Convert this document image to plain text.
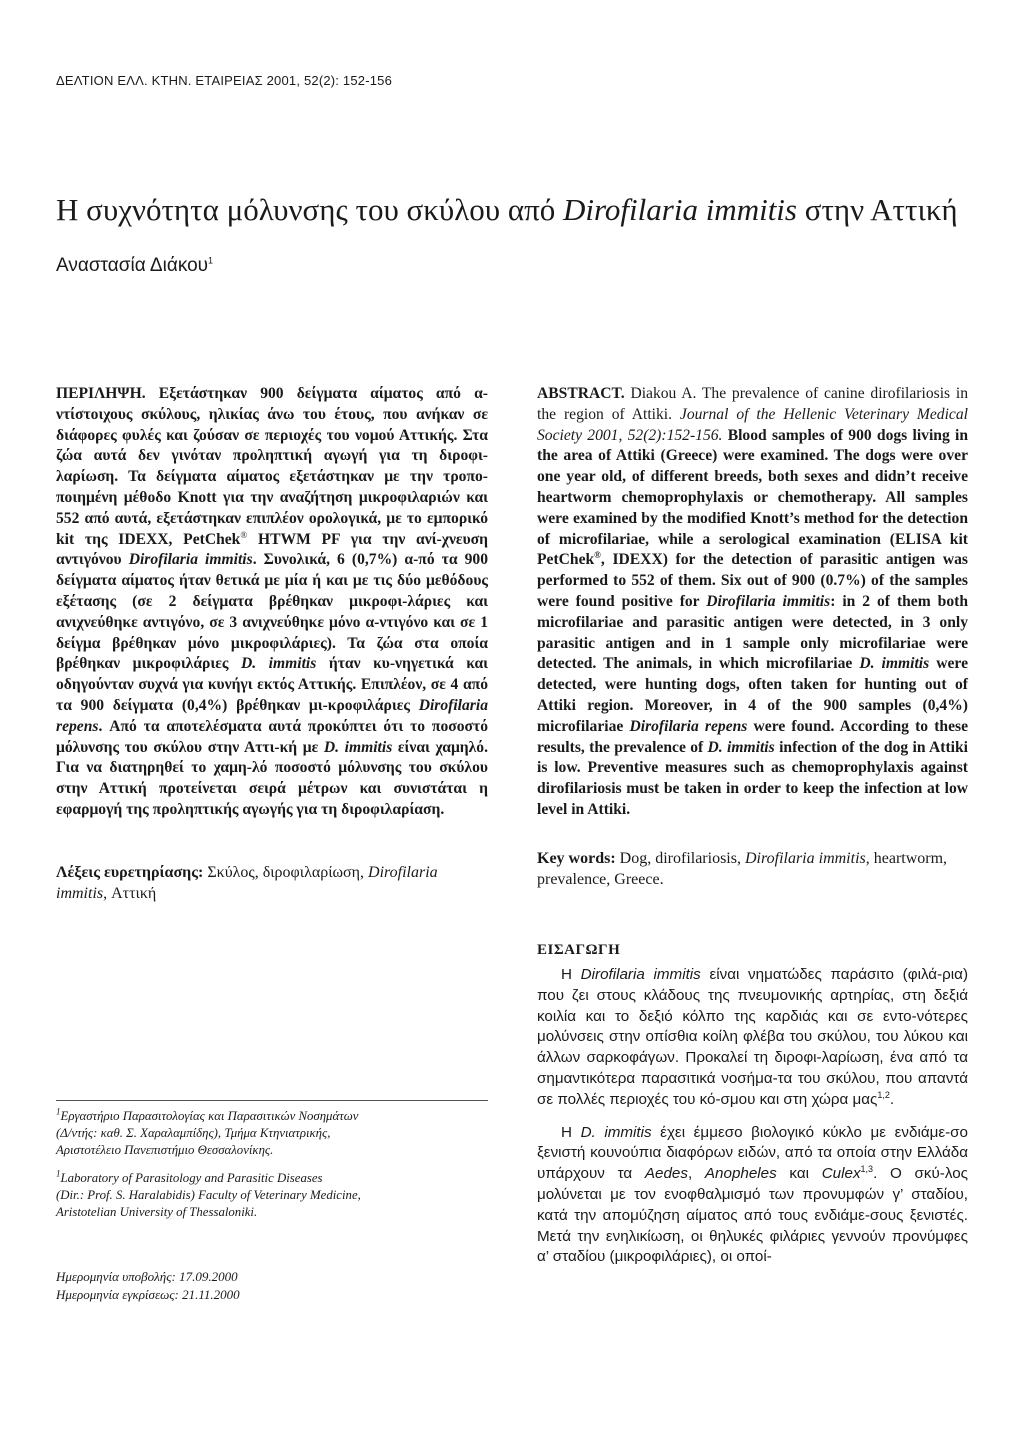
ΔΕΛΤΙΟΝ ΕΛΛ. ΚΤΗΝ. ΕΤΑΙΡΕΙΑΣ 2001, 52(2): 152-156
Η συχνότητα μόλυνσης του σκύλου από Dirofilaria immitis στην Αττική
Αναστασία Διάκου$^1$
ΠΕΡΙΛΗΨΗ. Εξετάστηκαν 900 δείγματα αίματος από α-ντίστοιχους σκύλους, ηλικίας άνω του έτους, που ανήκαν σε διάφορες φυλές και ζούσαν σε περιοχές του νομού Αττικής. Στα ζώα αυτά δεν γινόταν προληπτική αγωγή για τη διροφι-λαρίωση. Τα δείγματα αίματος εξετάστηκαν με την τροπο-ποιημένη μέθοδο Knott για την αναζήτηση μικροφιλαριών και 552 από αυτά, εξετάστηκαν επιπλέον ορολογικά, με το εμπορικό kit της IDEXX, PetChek® HTWM PF για την ανί-χνευση αντιγόνου Dirofilaria immitis. Συνολικά, 6 (0,7%) α-πό τα 900 δείγματα αίματος ήταν θετικά με μία ή και με τις δύο μεθόδους εξέτασης (σε 2 δείγματα βρέθηκαν μικροφι-λάριες και ανιχνεύθηκε αντιγόνο, σε 3 ανιχνεύθηκε μόνο α-ντιγόνο και σε 1 δείγμα βρέθηκαν μόνο μικροφιλάριες). Τα ζώα στα οποία βρέθηκαν μικροφιλάριες D. immitis ήταν κυ-νηγετικά και οδηγούνταν συχνά για κυνήγι εκτός Αττικής. Επιπλέον, σε 4 από τα 900 δείγματα (0,4%) βρέθηκαν μι-κροφιλάριες Dirofilaria repens. Από τα αποτελέσματα αυτά προκύπτει ότι το ποσοστό μόλυνσης του σκύλου στην Αττι-κή με D. immitis είναι χαμηλό. Για να διατηρηθεί το χαμη-λό ποσοστό μόλυνσης του σκύλου στην Αττική προτείνεται σειρά μέτρων και συνιστάται η εφαρμογή της προληπτικής αγωγής για τη διροφιλαρίαση.
ABSTRACT. Diakou A. The prevalence of canine dirofilariosis in the region of Attiki. Journal of the Hellenic Veterinary Medical Society 2001, 52(2):152-156. Blood samples of 900 dogs living in the area of Attiki (Greece) were examined. The dogs were over one year old, of different breeds, both sexes and didn’t receive heartworm chemoprophylaxis or chemotherapy. All samples were examined by the modified Knott’s method for the detection of microfilariae, while a serological examination (ELISA kit PetChek®, IDEXX) for the detection of parasitic antigen was performed to 552 of them. Six out of 900 (0.7%) of the samples were found positive for Dirofilaria immitis: in 2 of them both microfilariae and parasitic antigen were detected, in 3 only parasitic antigen and in 1 sample only microfilariae were detected. The animals, in which microfilariae D. immitis were detected, were hunting dogs, often taken for hunting out of Attiki region. Moreover, in 4 of the 900 samples (0,4%) microfilariae Dirofilaria repens were found. According to these results, the prevalence of D. immitis infection of the dog in Attiki is low. Preventive measures such as chemoprophylaxis against dirofilariosis must be taken in order to keep the infection at low level in Attiki.
Λέξεις ευρετηρίασης: Σκύλος, διροφιλαρίωση, Dirofilaria immitis, Αττική
Key words: Dog, dirofilariosis, Dirofilaria immitis, heartworm, prevalence, Greece.
ΕΙΣΑΓΩΓΗ

Η Dirofilaria immitis είναι νηματώδες παράσιτο (φιλά-ρια) που ζει στους κλάδους της πνευμονικής αρτηρίας, στη δεξιά κοιλία και το δεξιό κόλπο της καρδιάς και σε εντο-νότερες μολύνσεις στην οπίσθια κοίλη φλέβα του σκύλου, του λύκου και άλλων σαρκοφάγων. Προκαλεί τη διροφι-λαρίωση, ένα από τα σημαντικότερα παρασιτικά νοσήμα-τα του σκύλου, που απαντά σε πολλές περιοχές του κό-σμου και στη χώρα μας$^{1,2}$.

Η D. immitis έχει έμμεσο βιολογικό κύκλο με ενδιάμε-σο ξενιστή κουνούπια διαφόρων ειδών, από τα οποία στην Ελλάδα υπάρχουν τα Aedes, Anopheles και Culex$^{1,3}$. Ο σκύ-λος μολύνεται με τον ενοφθαλμισμό των προνυμφών γ’ σταδίου, κατά την απομύζηση αίματος από τους ενδιάμε-σους ξενιστές. Μετά την ενηλικίωση, οι θηλυκές φιλάριες γεννούν προνύμφες α’ σταδίου (μικροφιλάριες), οι οποί-

$^1$Εργαστήριο Παρασιτολογίας και Παρασιτικών Νοσημάτων
(Δ/ντής: καθ. Σ. Χαραλαμπίδης), Τμήμα Κτηνιατρικής,
Αριστοτέλειο Πανεπιστήμιο Θεσσαλονίκης.
$^1$Laboratory of Parasitology and Parasitic Diseases
(Dir.: Prof. S. Haralabidis) Faculty of Veterinary Medicine,
Aristotelian University of Thessaloniki.
Ημερομηνία υποβολής: 17.09.2000
Ημερομηνία εγκρίσεως: 21.11.2000
